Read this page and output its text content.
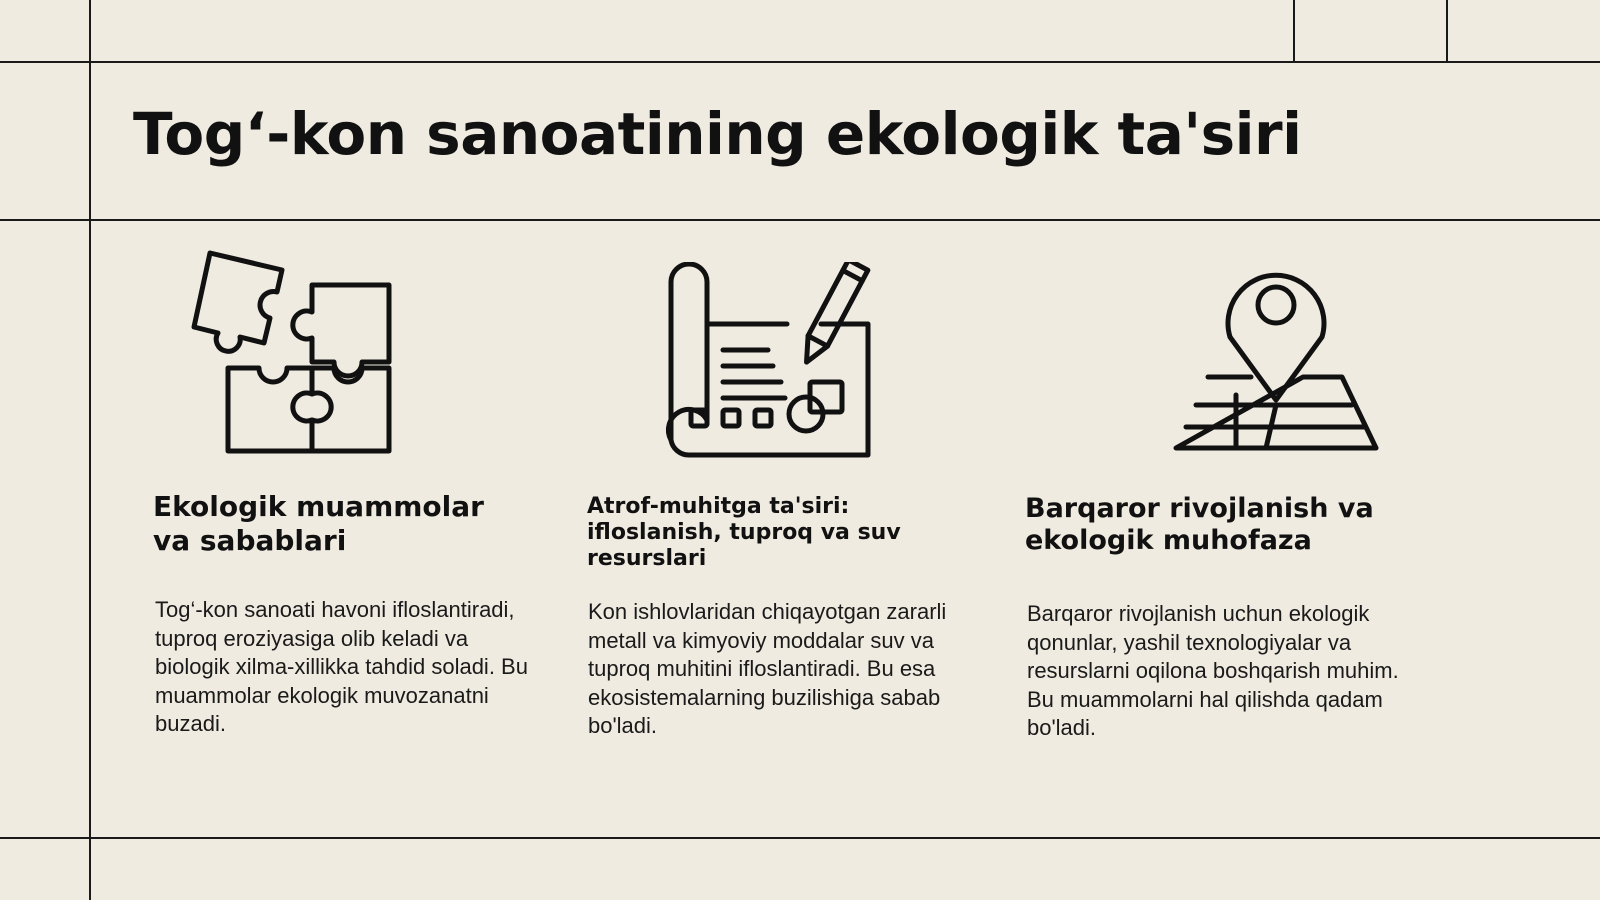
Tog‘-kon sanoatining ekologik ta'siri
Ekologik muammolar va sabablari

Tog‘-kon sanoati havoni ifloslantiradi, tuproq eroziyasiga olib keladi va biologik xilma-xillikka tahdid soladi. Bu muammolar ekologik muvozanatni buzadi.

Atrof-muhitga ta'siri: ifloslanish, tuproq va suv resurslari

Kon ishlovlaridan chiqayotgan zararli metall va kimyoviy moddalar suv va tuproq muhitini ifloslantiradi. Bu esa ekosistemalarning buzilishiga sabab bo'ladi.

Barqaror rivojlanish va ekologik muhofaza

Barqaror rivojlanish uchun ekologik qonunlar, yashil texnologiyalar va resurslarni oqilona boshqarish muhim. Bu muammolarni hal qilishda qadam bo'ladi.
